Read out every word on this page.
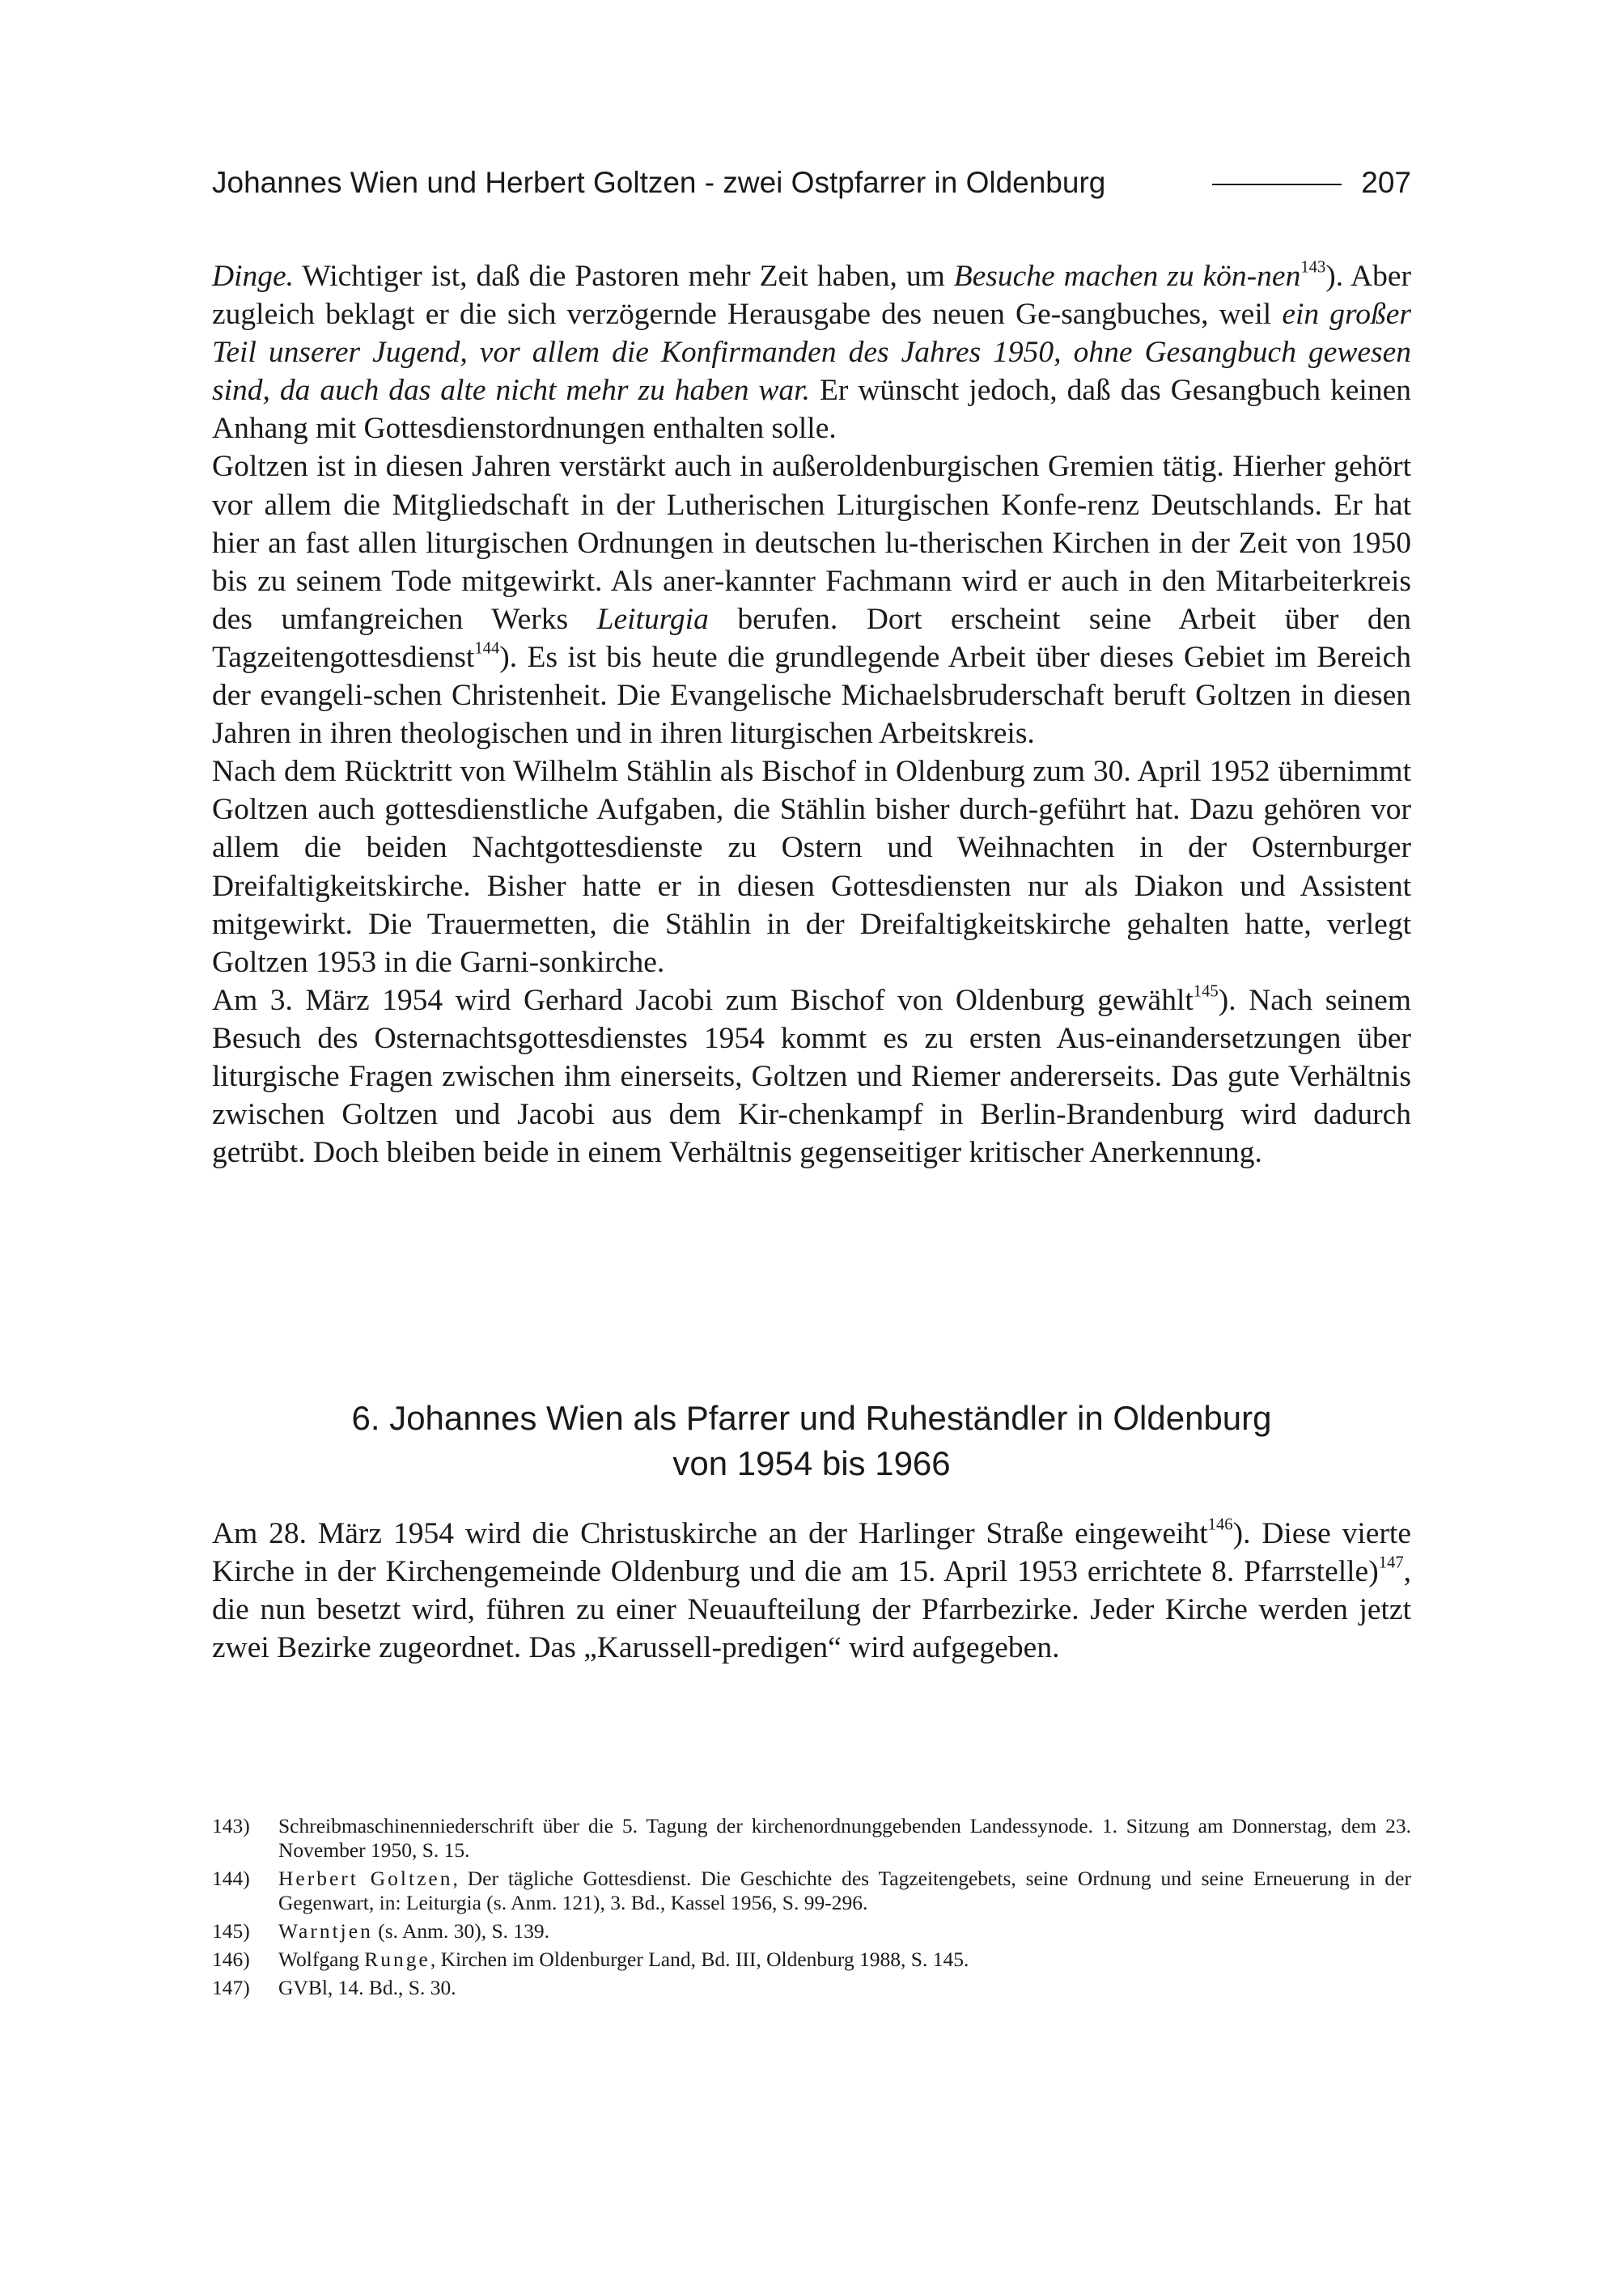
Johannes Wien und Herbert Goltzen - zwei Ostpfarrer in Oldenburg	207

Dinge. Wichtiger ist, daß die Pastoren mehr Zeit haben, um Besuche machen zu kön-nen$^{143}$). Aber zugleich beklagt er die sich verzögernde Herausgabe des neuen Ge-sangbuches, weil ein großer Teil unserer Jugend, vor allem die Konfirmanden des Jahres 1950, ohne Gesangbuch gewesen sind, da auch das alte nicht mehr zu haben war. Er wünscht jedoch, daß das Gesangbuch keinen Anhang mit Gottesdienstordnungen enthalten solle.

Goltzen ist in diesen Jahren verstärkt auch in außeroldenburgischen Gremien tätig. Hierher gehört vor allem die Mitgliedschaft in der Lutherischen Liturgischen Konfe-renz Deutschlands. Er hat hier an fast allen liturgischen Ordnungen in deutschen lu-therischen Kirchen in der Zeit von 1950 bis zu seinem Tode mitgewirkt. Als aner-kannter Fachmann wird er auch in den Mitarbeiterkreis des umfangreichen Werks Leiturgia berufen. Dort erscheint seine Arbeit über den Tagzeitengottesdienst$^{144}$). Es ist bis heute die grundlegende Arbeit über dieses Gebiet im Bereich der evangeli-schen Christenheit. Die Evangelische Michaelsbruderschaft beruft Goltzen in diesen Jahren in ihren theologischen und in ihren liturgischen Arbeitskreis.

Nach dem Rücktritt von Wilhelm Stählin als Bischof in Oldenburg zum 30. April 1952 übernimmt Goltzen auch gottesdienstliche Aufgaben, die Stählin bisher durch-geführt hat. Dazu gehören vor allem die beiden Nachtgottesdienste zu Ostern und Weihnachten in der Osternburger Dreifaltigkeitskirche. Bisher hatte er in diesen Gottesdiensten nur als Diakon und Assistent mitgewirkt. Die Trauermetten, die Stählin in der Dreifaltigkeitskirche gehalten hatte, verlegt Goltzen 1953 in die Garni-sonkirche.

Am 3. März 1954 wird Gerhard Jacobi zum Bischof von Oldenburg gewählt$^{145}$). Nach seinem Besuch des Osternachtsgottesdienstes 1954 kommt es zu ersten Aus-einandersetzungen über liturgische Fragen zwischen ihm einerseits, Goltzen und Riemer andererseits. Das gute Verhältnis zwischen Goltzen und Jacobi aus dem Kir-chenkampf in Berlin-Brandenburg wird dadurch getrübt. Doch bleiben beide in einem Verhältnis gegenseitiger kritischer Anerkennung.

6. Johannes Wien als Pfarrer und Ruheständler in Oldenburg
von 1954 bis 1966

Am 28. März 1954 wird die Christuskirche an der Harlinger Straße eingeweiht$^{146}$). Diese vierte Kirche in der Kirchengemeinde Oldenburg und die am 15. April 1953 errichtete 8. Pfarrstelle)$^{147}$, die nun besetzt wird, führen zu einer Neuaufteilung der Pfarrbezirke. Jeder Kirche werden jetzt zwei Bezirke zugeordnet. Das „Karussell-predigen“ wird aufgegeben.

143) Schreibmaschinenniederschrift über die 5. Tagung der kirchenordnunggebenden Landessynode. 1. Sitzung am Donnerstag, dem 23. November 1950, S. 15.
144) Herbert Goltzen, Der tägliche Gottesdienst. Die Geschichte des Tagzeitengebets, seine Ordnung und seine Erneuerung in der Gegenwart, in: Leiturgia (s. Anm. 121), 3. Bd., Kassel 1956, S. 99-296.
145) Warntjen (s. Anm. 30), S. 139.
146) Wolfgang Runge, Kirchen im Oldenburger Land, Bd. III, Oldenburg 1988, S. 145.
147) GVBl, 14. Bd., S. 30.
